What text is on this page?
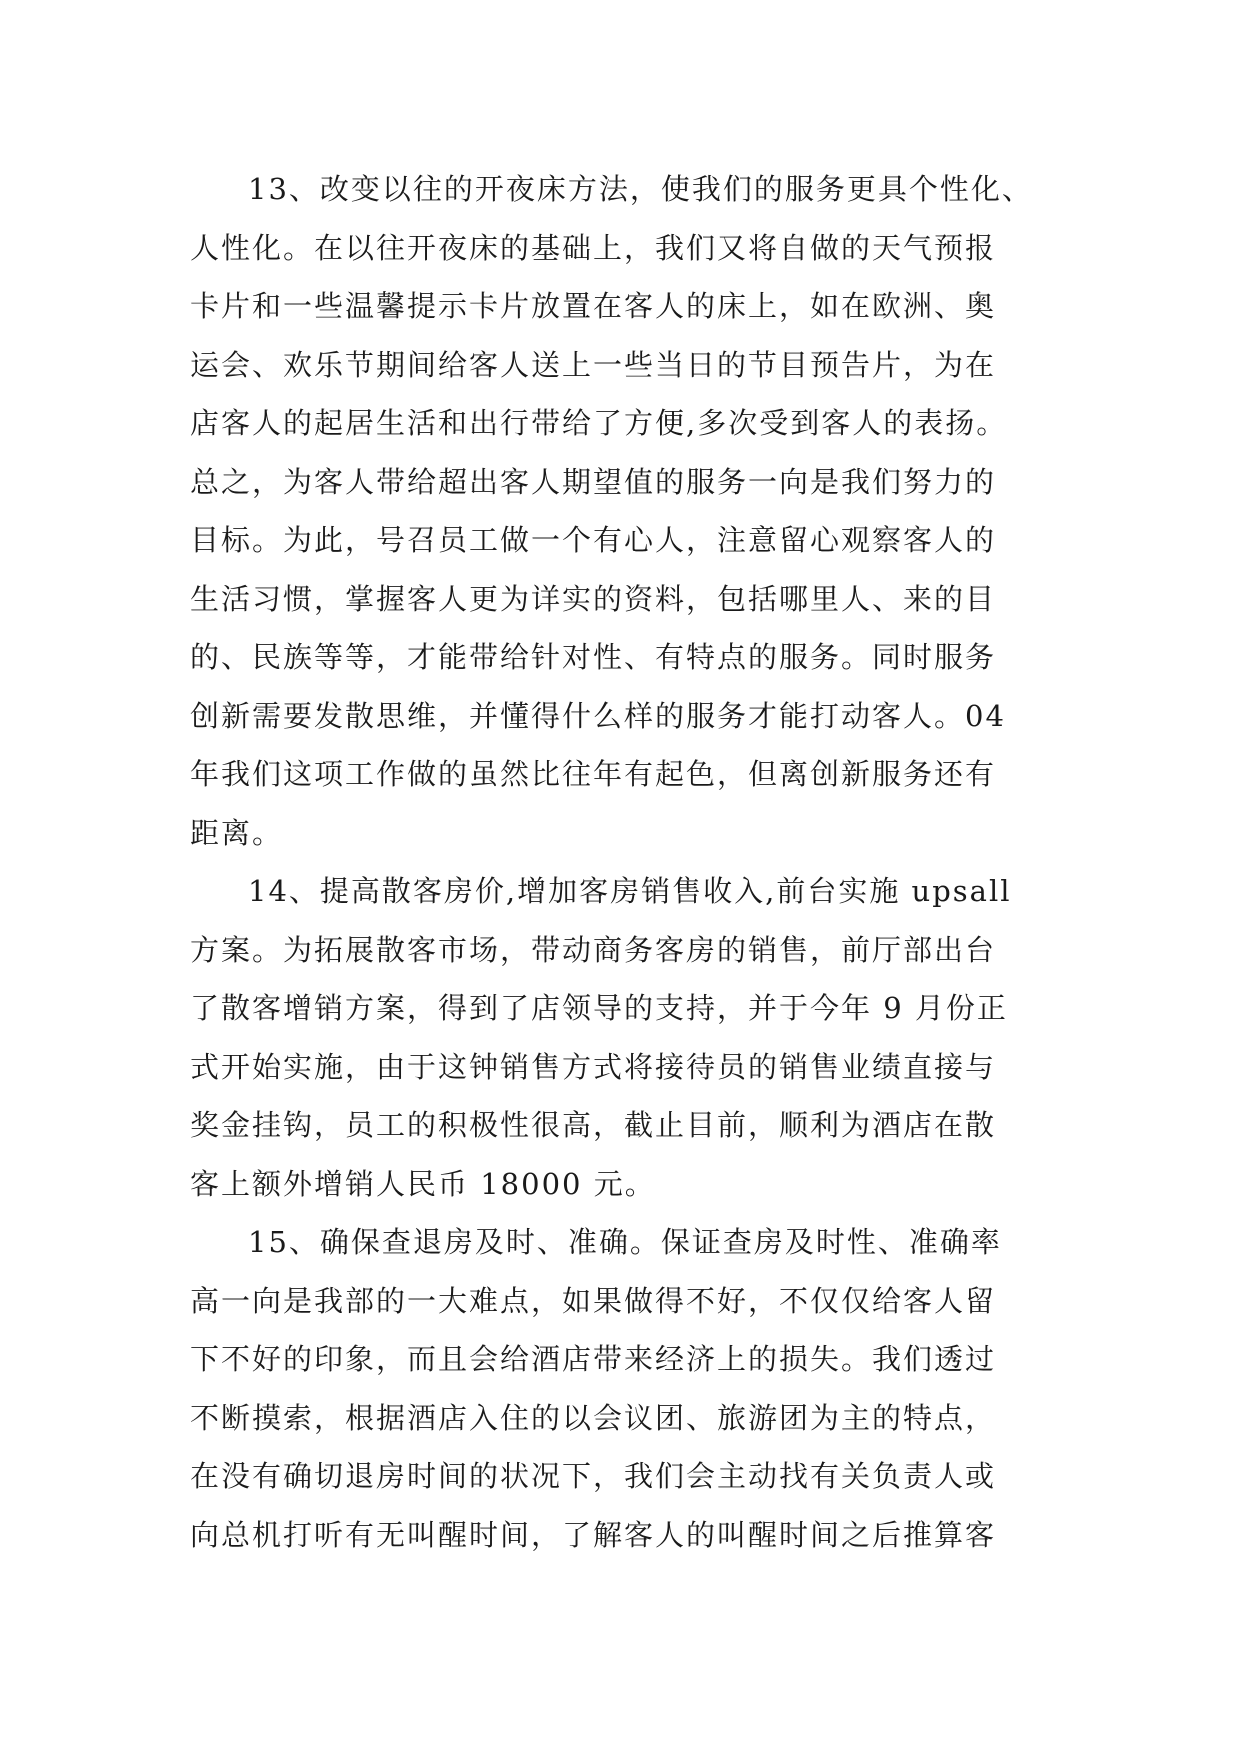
13、改变以往的开夜床方法，使我们的服务更具个性化、
人性化。在以往开夜床的基础上，我们又将自做的天气预报
卡片和一些温馨提示卡片放置在客人的床上，如在欧洲、奥
运会、欢乐节期间给客人送上一些当日的节目预告片，为在
店客人的起居生活和出行带给了方便,多次受到客人的表扬。
总之，为客人带给超出客人期望值的服务一向是我们努力的
目标。为此，号召员工做一个有心人，注意留心观察客人的
生活习惯，掌握客人更为详实的资料，包括哪里人、来的目
的、民族等等，才能带给针对性、有特点的服务。同时服务
创新需要发散思维，并懂得什么样的服务才能打动客人。04
年我们这项工作做的虽然比往年有起色，但离创新服务还有
距离。
14、提高散客房价,增加客房销售收入,前台实施 upsall
方案。为拓展散客市场，带动商务客房的销售，前厅部出台
了散客增销方案，得到了店领导的支持，并于今年 9 月份正
式开始实施，由于这钟销售方式将接待员的销售业绩直接与
奖金挂钩，员工的积极性很高，截止目前，顺利为酒店在散
客上额外增销人民币 18000 元。
15、确保查退房及时、准确。保证查房及时性、准确率
高一向是我部的一大难点，如果做得不好，不仅仅给客人留
下不好的印象，而且会给酒店带来经济上的损失。我们透过
不断摸索，根据酒店入住的以会议团、旅游团为主的特点，
在没有确切退房时间的状况下，我们会主动找有关负责人或
向总机打听有无叫醒时间，了解客人的叫醒时间之后推算客
